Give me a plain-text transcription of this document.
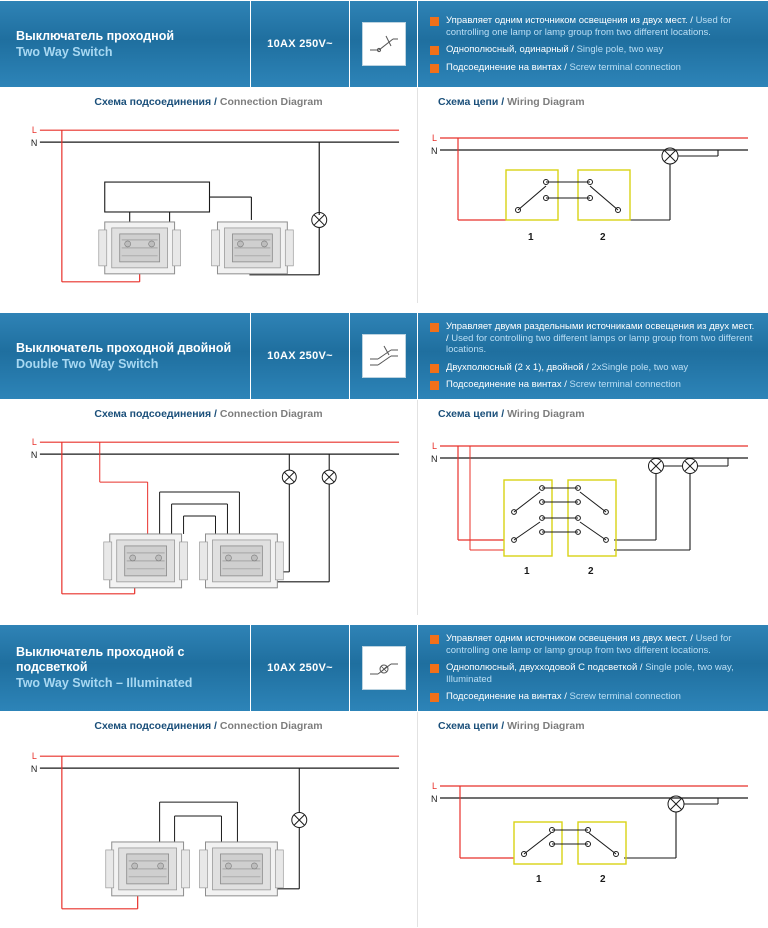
Выключатель проходной
Two Way Switch
10AX 250V~
Управляет одним источником освещения из двух мест. / Used for controlling one lamp or lamp group from two different locations.
Однополюсный, одинарный / Single pole, two way
Подсоединение на винтах / Screw terminal connection
Схема подсоединения / Connection Diagram
L
N
Схема цепи / Wiring Diagram
L
N
1	2
Выключатель проходной двойной
Double Two Way Switch
10AX 250V~
Управляет двумя раздельными источниками освещения из двух мест. / Used for controlling two different lamps or lamp group from two different locations.
Двухполюсный (2 х 1), двойной / 2xSingle pole, two way
Подсоединение на винтах / Screw terminal connection
Схема подсоединения / Connection Diagram
L
N
Схема цепи / Wiring Diagram
L
N
1	2
Выключатель проходной с подсветкой
Two Way Switch – Illuminated
10AX 250V~
Управляет одним источником освещения из двух мест. / Used for controlling one lamp or lamp group from two different locations.
Однополюсный, двухходовой С подсветкой / Single pole, two way, Illuminated
Подсоединение на винтах / Screw terminal connection
Схема подсоединения / Connection Diagram
L
N
Схема цепи / Wiring Diagram
L
N
1	2
